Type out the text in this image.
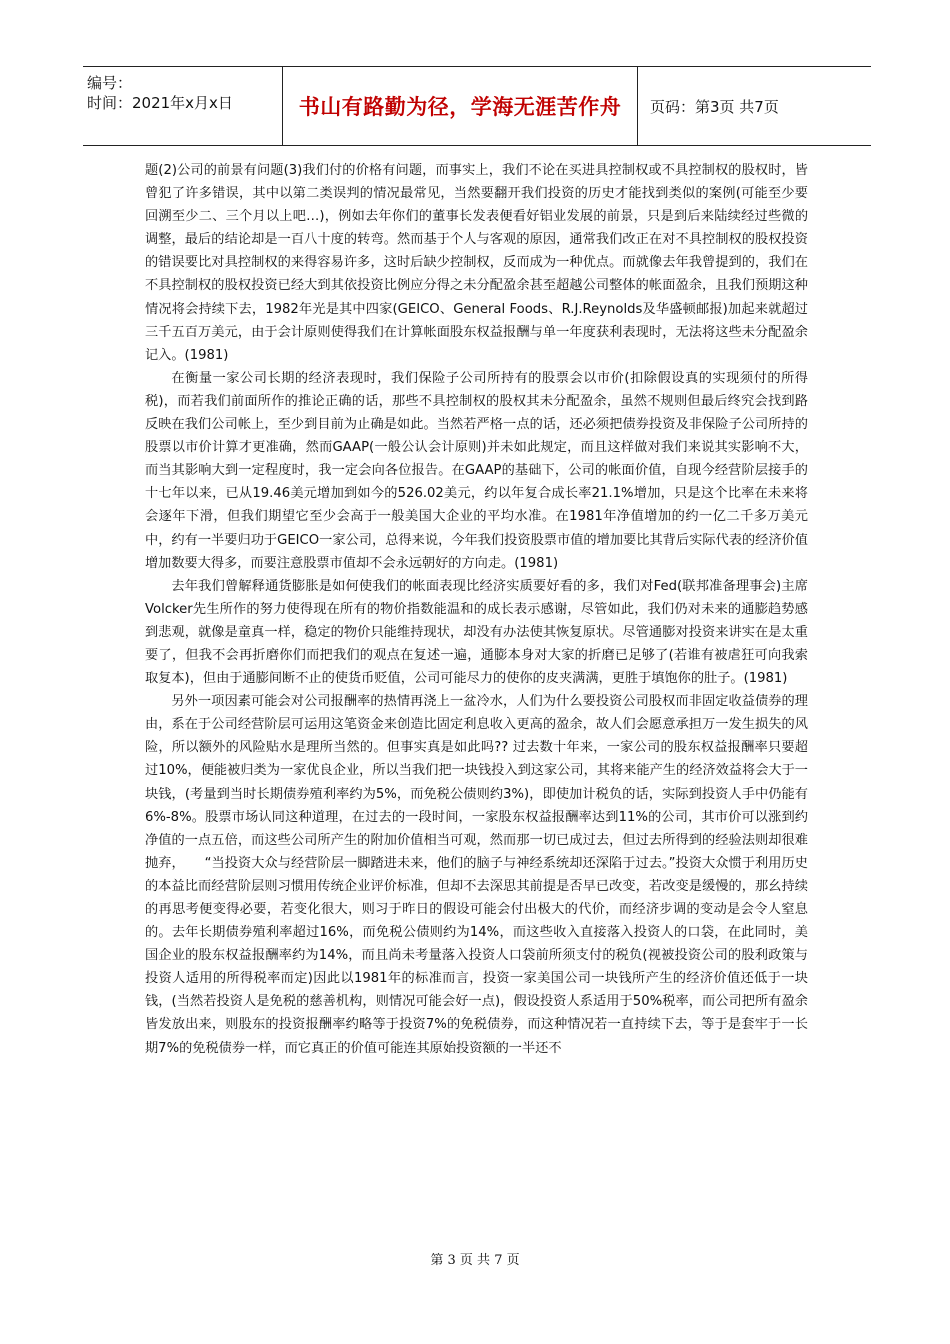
编号：
时间：2021年x月x日	书山有路勤为径，学海无涯苦作舟	页码：第3页 共7页

题(2)公司的前景有问题(3)我们付的价格有问题，而事实上，我们不论在买进具控制权或不具控制权的股权时，皆曾犯了许多错误，其中以第二类误判的情况最常见，当然要翻开我们投资的历史才能找到类似的案例(可能至少要回溯至少二、三个月以上吧…)，例如去年你们的董事长发表便看好铝业发展的前景，只是到后来陆续经过些微的调整，最后的结论却是一百八十度的转弯。然而基于个人与客观的原因，通常我们改正在对不具控制权的股权投资的错误要比对具控制权的来得容易许多，这时后缺少控制权，反而成为一种优点。而就像去年我曾提到的，我们在不具控制权的股权投资已经大到其依投资比例应分得之未分配盈余甚至超越公司整体的帐面盈余，且我们预期这种情况将会持续下去，1982年光是其中四家(GEICO、General Foods、R.J.Reynolds及华盛顿邮报)加起来就超过三千五百万美元，由于会计原则使得我们在计算帐面股东权益报酬与单一年度获利表现时，无法将这些未分配盈余记入。(1981)

在衡量一家公司长期的经济表现时，我们保险子公司所持有的股票会以市价(扣除假设真的实现须付的所得税)，而若我们前面所作的推论正确的话，那些不具控制权的股权其未分配盈余，虽然不规则但最后终究会找到路反映在我们公司帐上，至少到目前为止确是如此。当然若严格一点的话，还必须把债券投资及非保险子公司所持的股票以市价计算才更准确，然而GAAP(一般公认会计原则)并未如此规定，而且这样做对我们来说其实影响不大，而当其影响大到一定程度时，我一定会向各位报告。在GAAP的基础下，公司的帐面价值，自现今经营阶层接手的十七年以来，已从19.46美元增加到如今的526.02美元，约以年复合成长率21.1%增加，只是这个比率在未来将会逐年下滑，但我们期望它至少会高于一般美国大企业的平均水准。在1981年净值增加的约一亿二千多万美元中，约有一半要归功于GEICO一家公司，总得来说，今年我们投资股票市值的增加要比其背后实际代表的经济价值增加数要大得多，而要注意股票市值却不会永远朝好的方向走。(1981)

去年我们曾解释通货膨胀是如何使我们的帐面表现比经济实质要好看的多，我们对Fed(联邦准备理事会)主席Volcker先生所作的努力使得现在所有的物价指数能温和的成长表示感谢，尽管如此，我们仍对未来的通膨趋势感到悲观，就像是童真一样，稳定的物价只能维持现状，却没有办法使其恢复原状。尽管通膨对投资来讲实在是太重要了，但我不会再折磨你们而把我们的观点在复述一遍，通膨本身对大家的折磨已足够了(若谁有被虐狂可向我索取复本)，但由于通膨间断不止的使货币贬值，公司可能尽力的使你的皮夹满满，更胜于填饱你的肚子。(1981)

另外一项因素可能会对公司报酬率的热情再浇上一盆冷水，人们为什么要投资公司股权而非固定收益债券的理由，系在于公司经营阶层可运用这笔资金来创造比固定利息收入更高的盈余，故人们会愿意承担万一发生损失的风险，所以额外的风险贴水是理所当然的。但事实真是如此吗?? 过去数十年来，一家公司的股东权益报酬率只要超过10%，便能被归类为一家优良企业，所以当我们把一块钱投入到这家公司，其将来能产生的经济效益将会大于一块钱，(考量到当时长期债券殖利率约为5%，而免税公债则约3%)，即使加计税负的话，实际到投资人手中仍能有6%-8%。股票市场认同这种道理，在过去的一段时间，一家股东权益报酬率达到11%的公司，其市价可以涨到约净值的一点五倍，而这些公司所产生的附加价值相当可观，然而那一切已成过去，但过去所得到的经验法则却很难抛弃，　　“当投资大众与经营阶层一脚踏进未来，他们的脑子与神经系统却还深陷于过去。”投资大众惯于利用历史的本益比而经营阶层则习惯用传统企业评价标准，但却不去深思其前提是否早已改变，若改变是缓慢的，那幺持续的再思考便变得必要，若变化很大，则习于昨日的假设可能会付出极大的代价，而经济步调的变动是会令人窒息的。去年长期债券殖利率超过16%，而免税公债则约为14%，而这些收入直接落入投资人的口袋，在此同时，美国企业的股东权益报酬率约为14%，而且尚未考量落入投资人口袋前所须支付的税负(视被投资公司的股利政策与投资人适用的所得税率而定)因此以1981年的标准而言，投资一家美国公司一块钱所产生的经济价值还低于一块钱，(当然若投资人是免税的慈善机构，则情况可能会好一点)，假设投资人系适用于50%税率，而公司把所有盈余皆发放出来，则股东的投资报酬率约略等于投资7%的免税债券，而这种情况若一直持续下去，等于是套牢于一长期7%的免税债券一样，而它真正的价值可能连其原始投资额的一半还不

第 3 页 共 7 页
